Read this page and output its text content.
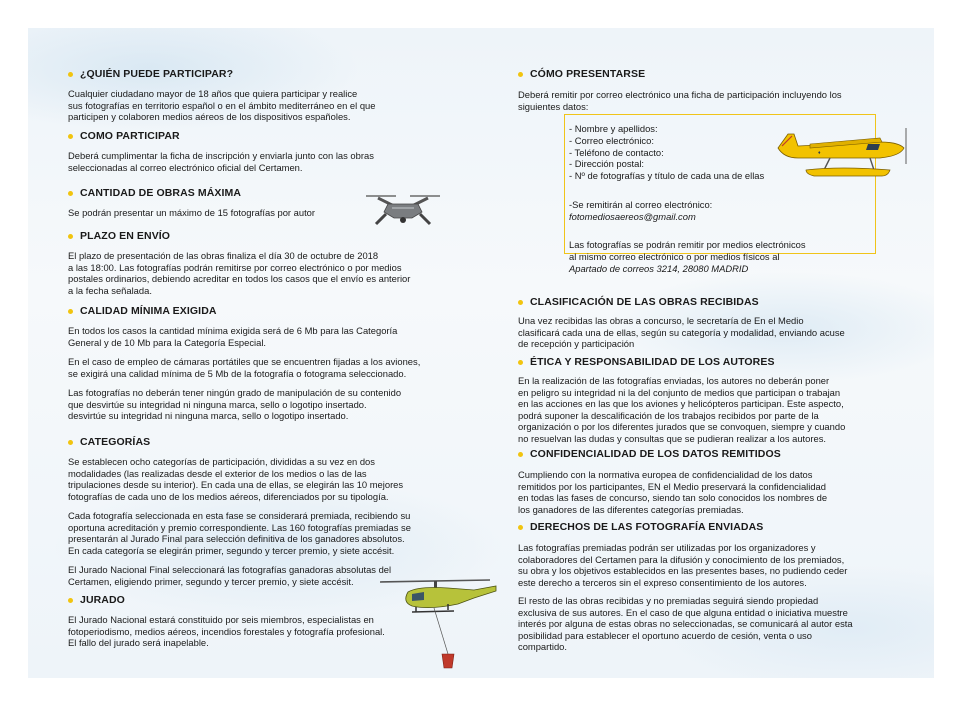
¿QUIÉN PUEDE PARTICIPAR?

Cualquier ciudadano mayor de 18 años que quiera participar y realice
sus fotografías en territorio español o en el ámbito mediterráneo en el que
participen y colaboren medios aéreos de los dispositivos españoles.

COMO PARTICIPAR

Deberá cumplimentar la ficha de inscripción y enviarla junto con las obras
seleccionadas al correo electrónico oficial del Certamen.

CANTIDAD DE OBRAS MÁXIMA

Se podrán presentar un máximo de 15 fotografías por autor

PLAZO EN ENVÍO

El plazo de presentación de las obras finaliza el día 30 de octubre de 2018
a las 18:00. Las fotografías podrán remitirse por correo electrónico o por medios
postales ordinarios, debiendo acreditar en todos los casos que el envío es anterior
a la fecha señalada.

CALIDAD MÍNIMA EXIGIDA

En todos los casos la cantidad mínima exigida será de 6 Mb para las Categoría
General y de 10 Mb para la Categoría Especial.

En el caso de empleo de cámaras portátiles que se encuentren fijadas a los aviones,
se exigirá una calidad mínima de 5 Mb de la fotografía o fotograma seleccionado.

Las fotografías no deberán tener ningún grado de manipulación de su contenido
que desvirtúe su integridad ni ninguna marca, sello o logotipo insertado.
desvirtúe su integridad ni ninguna marca, sello o logotipo insertado.

CATEGORÍAS

Se establecen ocho categorías de participación, divididas a su vez en dos
modalidades (las realizadas desde el exterior de los medios o las de las
tripulaciones desde su interior). En cada una de ellas, se elegirán las 10 mejores
fotografías de cada uno de los medios aéreos, diferenciados por su tipología.

Cada fotografía seleccionada en esta fase se considerará premiada, recibiendo su
oportuna acreditación y premio correspondiente. Las 160 fotografías premiadas se
presentarán al Jurado Final para selección definitiva de los ganadores absolutos.
En cada categoría se elegirán primer, segundo y tercer premio, y siete accésit.

El Jurado Nacional Final seleccionará las fotografías ganadoras absolutas del
Certamen, eligiendo primer, segundo y tercer premio, y siete accésit.

JURADO

El Jurado Nacional estará constituido por seis miembros, especialistas en
fotoperiodismo, medios aéreos, incendios forestales y fotografía profesional.
El fallo del jurado será inapelable.

CÓMO PRESENTARSE

Deberá remitir por correo electrónico una ficha de participación incluyendo los
siguientes datos:

- Nombre y apellidos:
- Correo electrónico:
- Teléfono de contacto:
- Dirección postal:
- Nº de fotografías y título de cada una de ellas

-Se remitirán al correo electrónico:
fotomediosaereos@gmail.com

Las fotografías se podrán remitir por medios electrónicos
al mismo correo electrónico o por medios físicos al
Apartado de correos 3214, 28080 MADRID

CLASIFICACIÓN DE LAS OBRAS RECIBIDAS

Una vez recibidas las obras a concurso, le secretaría de En el Medio
clasificará cada una de ellas, según su categoría y modalidad, enviando acuse
de recepción y participación

ÉTICA Y RESPONSABILIDAD DE LOS AUTORES

En la realización de las fotografías enviadas, los autores no deberán poner
en peligro su integridad ni la del conjunto de medios que participan o trabajan
en las acciones en las que los aviones y helicópteros participan. Este aspecto,
podrá suponer la descalificación de los trabajos recibidos por parte de la
organización o por los diferentes jurados que se convoquen, siempre y cuando
no resuelvan las dudas y consultas que se pudieran realizar a los autores.

CONFIDENCIALIDAD DE LOS DATOS REMITIDOS

Cumpliendo con la normativa europea de confidencialidad de los datos
remitidos por los participantes, EN el Medio preservará la confidencialidad
en todas las fases de concurso, siendo tan solo conocidos los nombres de
los ganadores de las diferentes categorías premiadas.

DERECHOS DE LAS FOTOGRAFÍA ENVIADAS

Las fotografías premiadas podrán ser utilizadas por los organizadores y
colaboradores del Certamen para la difusión y conocimiento de los premiados,
su obra y los objetivos establecidos en las presentes bases, no pudiendo ceder
este derecho a terceros sin el expreso consentimiento de los autores.

El resto de las obras recibidas y no premiadas seguirá siendo propiedad
exclusiva de sus autores. En el caso de que alguna entidad o iniciativa muestre
interés por alguna de estas obras no seleccionadas, se comunicará al autor esta
posibilidad para establecer el oportuno acuerdo de cesión, venta o uso
compartido.

♦
